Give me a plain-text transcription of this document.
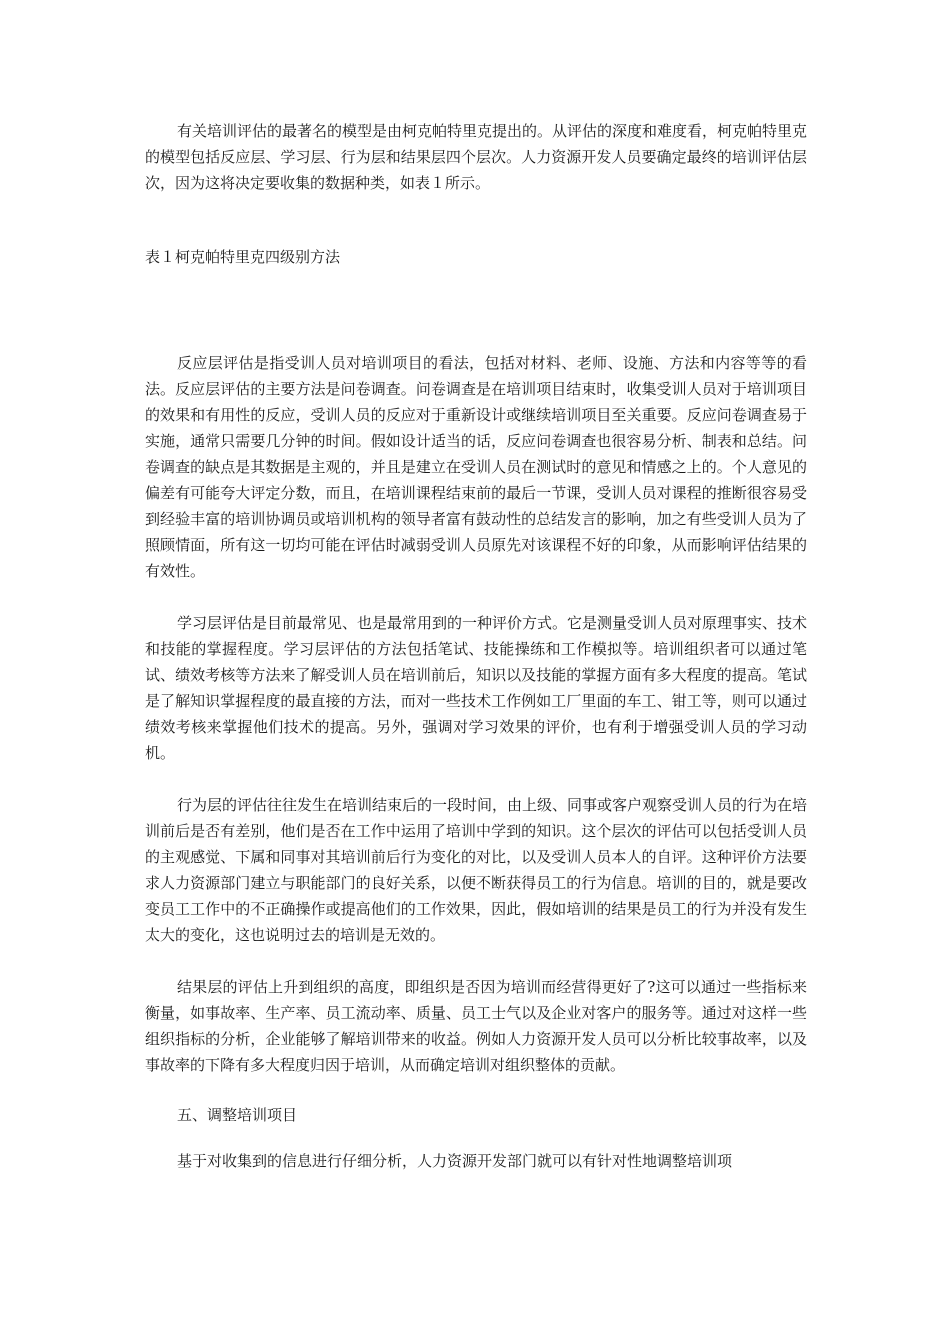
有关培训评估的最著名的模型是由柯克帕特里克提出的。从评估的深度和难度看，柯克帕特里克的模型包括反应层、学习层、行为层和结果层四个层次。人力资源开发人员要确定最终的培训评估层次，因为这将决定要收集的数据种类，如表１所示。

表１柯克帕特里克四级别方法

反应层评估是指受训人员对培训项目的看法，包括对材料、老师、设施、方法和内容等等的看法。反应层评估的主要方法是问卷调查。问卷调查是在培训项目结束时，收集受训人员对于培训项目的效果和有用性的反应，受训人员的反应对于重新设计或继续培训项目至关重要。反应问卷调查易于实施，通常只需要几分钟的时间。假如设计适当的话，反应问卷调查也很容易分析、制表和总结。问卷调查的缺点是其数据是主观的，并且是建立在受训人员在测试时的意见和情感之上的。个人意见的偏差有可能夸大评定分数，而且，在培训课程结束前的最后一节课，受训人员对课程的推断很容易受到经验丰富的培训协调员或培训机构的领导者富有鼓动性的总结发言的影响，加之有些受训人员为了照顾情面，所有这一切均可能在评估时减弱受训人员原先对该课程不好的印象，从而影响评估结果的有效性。

学习层评估是目前最常见、也是最常用到的一种评价方式。它是测量受训人员对原理事实、技术和技能的掌握程度。学习层评估的方法包括笔试、技能操练和工作模拟等。培训组织者可以通过笔试、绩效考核等方法来了解受训人员在培训前后，知识以及技能的掌握方面有多大程度的提高。笔试是了解知识掌握程度的最直接的方法，而对一些技术工作例如工厂里面的车工、钳工等，则可以通过绩效考核来掌握他们技术的提高。另外，强调对学习效果的评价，也有利于增强受训人员的学习动机。

行为层的评估往往发生在培训结束后的一段时间，由上级、同事或客户观察受训人员的行为在培训前后是否有差别，他们是否在工作中运用了培训中学到的知识。这个层次的评估可以包括受训人员的主观感觉、下属和同事对其培训前后行为变化的对比，以及受训人员本人的自评。这种评价方法要求人力资源部门建立与职能部门的良好关系，以便不断获得员工的行为信息。培训的目的，就是要改变员工工作中的不正确操作或提高他们的工作效果，因此，假如培训的结果是员工的行为并没有发生太大的变化，这也说明过去的培训是无效的。

结果层的评估上升到组织的高度，即组织是否因为培训而经营得更好了?这可以通过一些指标来衡量，如事故率、生产率、员工流动率、质量、员工士气以及企业对客户的服务等。通过对这样一些组织指标的分析，企业能够了解培训带来的收益。例如人力资源开发人员可以分析比较事故率，以及事故率的下降有多大程度归因于培训，从而确定培训对组织整体的贡献。

五、调整培训项目

基于对收集到的信息进行仔细分析，人力资源开发部门就可以有针对性地调整培训项
